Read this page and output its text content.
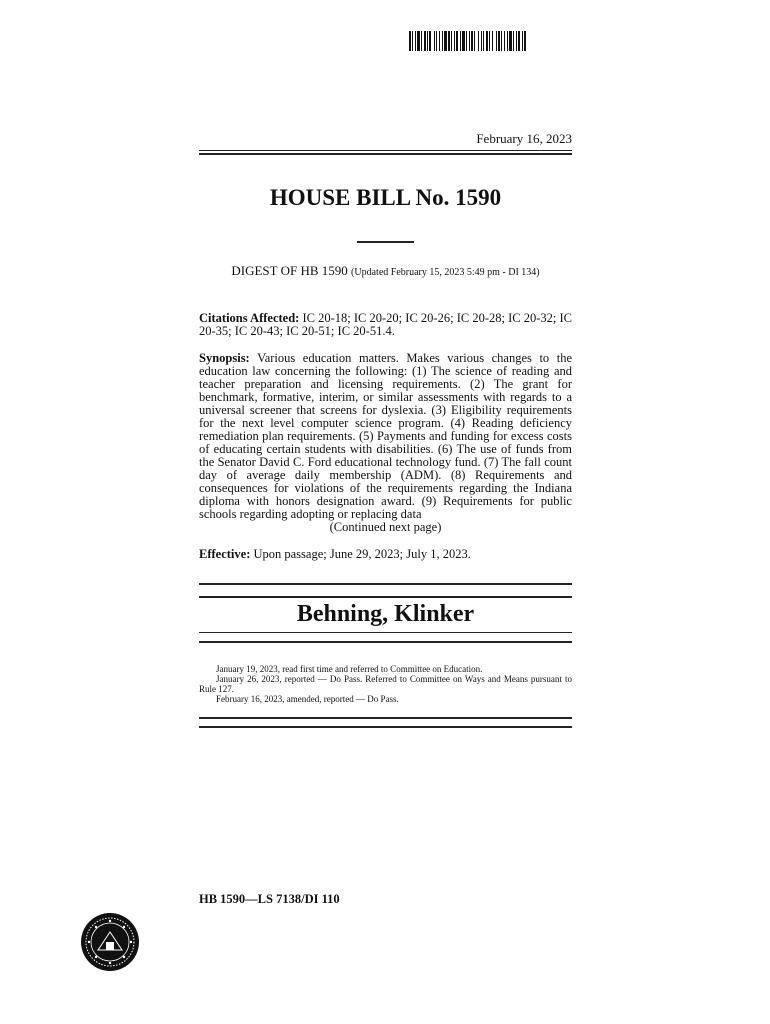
February 16, 2023
HOUSE BILL No. 1590
DIGEST OF HB 1590 (Updated February 15, 2023 5:49 pm - DI 134)
Citations Affected: IC 20-18; IC 20-20; IC 20-26; IC 20-28; IC 20-32; IC 20-35; IC 20-43; IC 20-51; IC 20-51.4.
Synopsis: Various education matters. Makes various changes to the education law concerning the following: (1) The science of reading and teacher preparation and licensing requirements. (2) The grant for benchmark, formative, interim, or similar assessments with regards to a universal screener that screens for dyslexia. (3) Eligibility requirements for the next level computer science program. (4) Reading deficiency remediation plan requirements. (5) Payments and funding for excess costs of educating certain students with disabilities. (6) The use of funds from the Senator David C. Ford educational technology fund. (7) The fall count day of average daily membership (ADM). (8) Requirements and consequences for violations of the requirements regarding the Indiana diploma with honors designation award. (9) Requirements for public schools regarding adopting or replacing data
(Continued next page)
Effective: Upon passage; June 29, 2023; July 1, 2023.
Behning, Klinker

January 19, 2023, read first time and referred to Committee on Education.

January 26, 2023, reported — Do Pass. Referred to Committee on Ways and Means pursuant to Rule 127.

February 16, 2023, amended, reported — Do Pass.

HB 1590—LS 7138/DI 110
